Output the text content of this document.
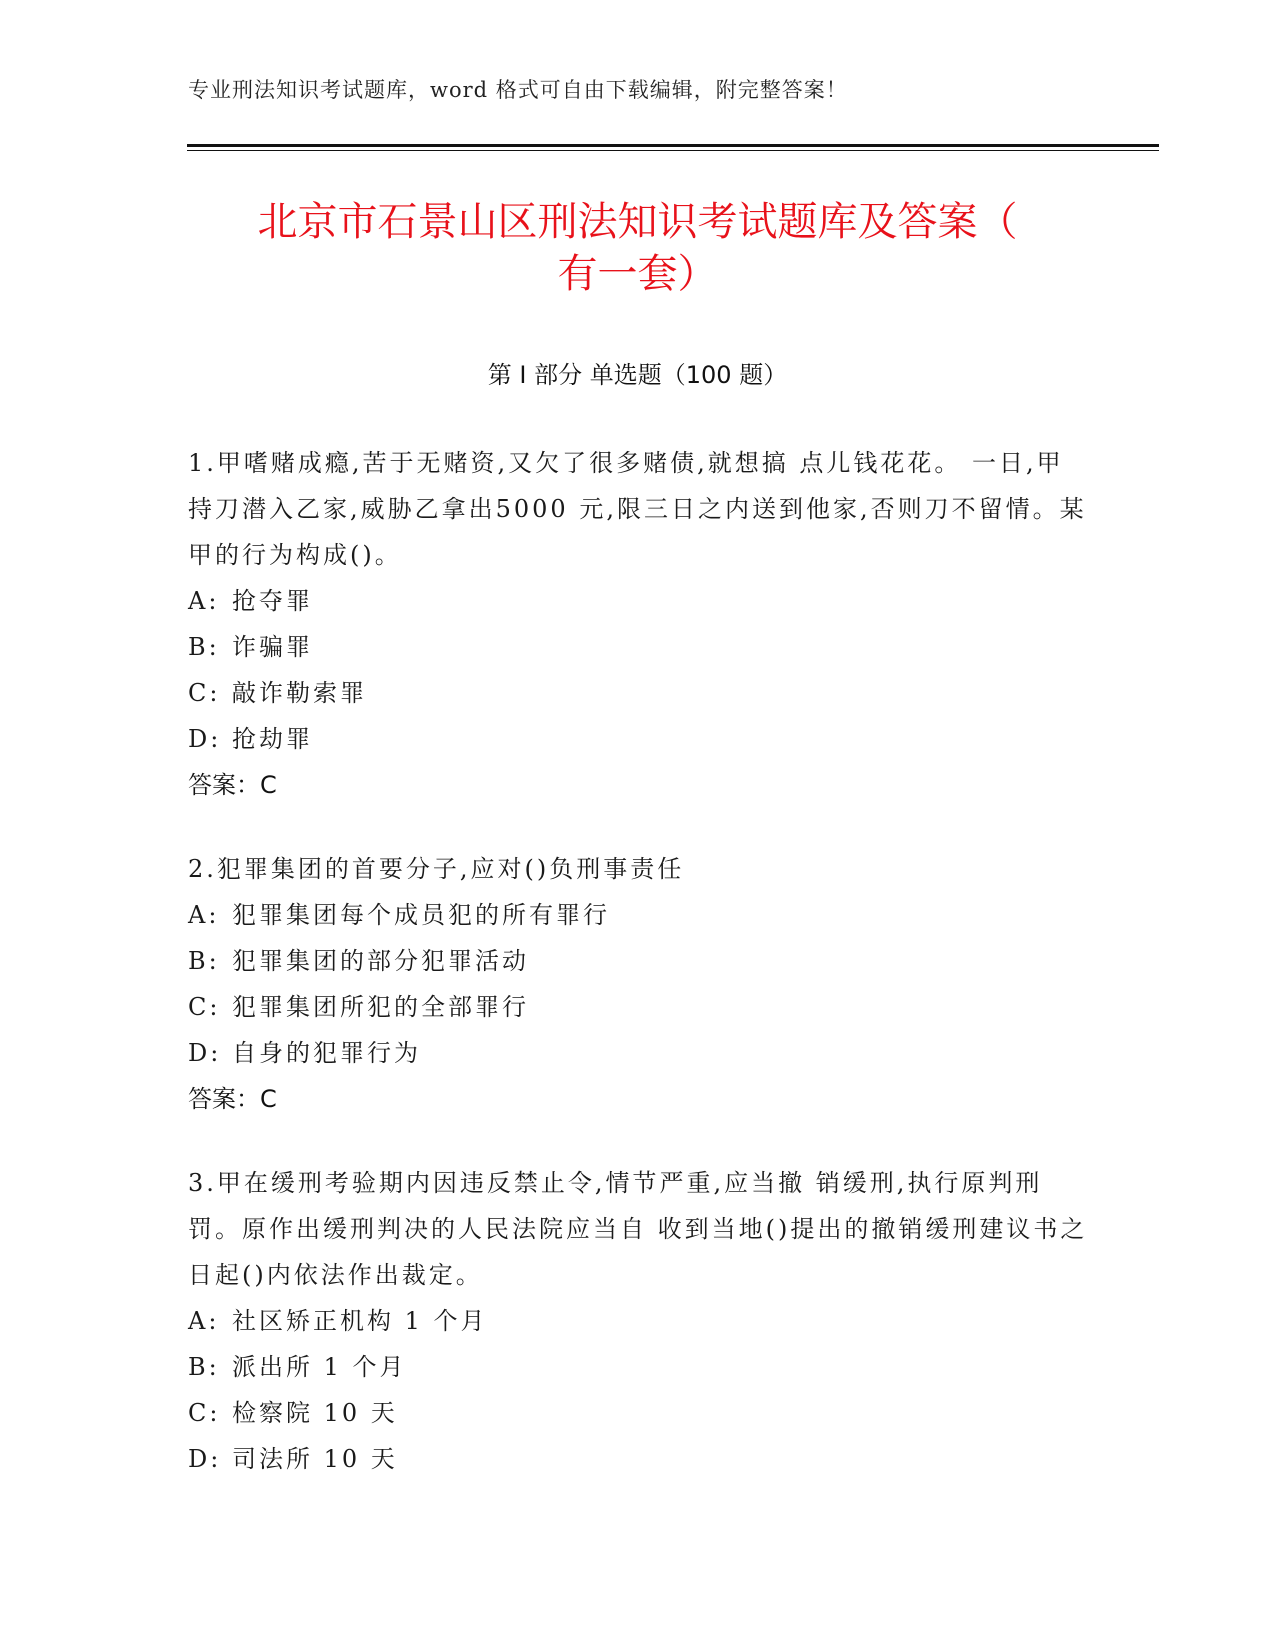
专业刑法知识考试题库，word 格式可自由下载编辑，附完整答案！
北京市石景山区刑法知识考试题库及答案（
有一套）
第 I 部分 单选题（100 题）
1.甲嗜赌成瘾,苦于无赌资,又欠了很多赌债,就想搞 点儿钱花花。 一日,甲持刀潜入乙家,威胁乙拿出5000 元,限三日之内送到他家,否则刀不留情。某甲的行为构成()。
A: 抢夺罪
B: 诈骗罪
C: 敲诈勒索罪
D: 抢劫罪
答案：C
2.犯罪集团的首要分子,应对()负刑事责任
A: 犯罪集团每个成员犯的所有罪行
B: 犯罪集团的部分犯罪活动
C: 犯罪集团所犯的全部罪行
D: 自身的犯罪行为
答案：C
3.甲在缓刑考验期内因违反禁止令,情节严重,应当撤 销缓刑,执行原判刑罚。原作出缓刑判决的人民法院应当自 收到当地()提出的撤销缓刑建议书之日起()内依法作出裁定。
A: 社区矫正机构 1 个月
B: 派出所 1 个月
C: 检察院 10 天
D: 司法所 10 天
